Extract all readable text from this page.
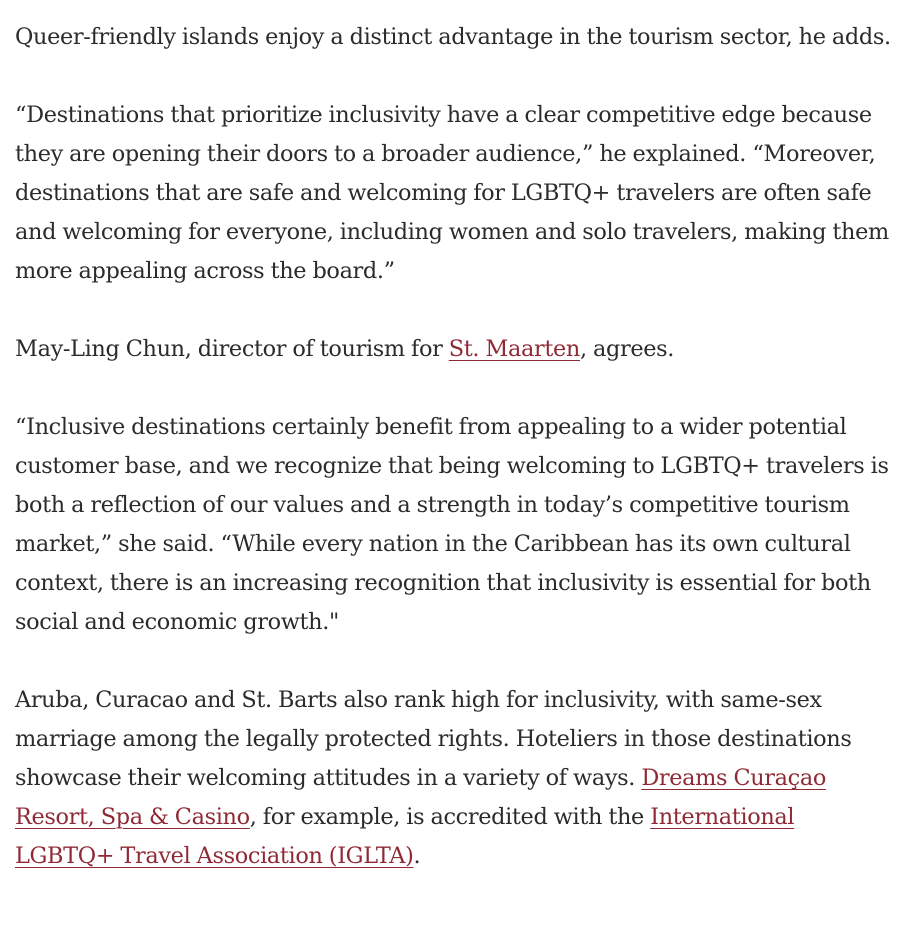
Queer-friendly islands enjoy a distinct advantage in the tourism sector, he adds.

“Destinations that prioritize inclusivity have a clear competitive edge because they are opening their doors to a broader audience,” he explained. “Moreover, destinations that are safe and welcoming for LGBTQ+ travelers are often safe and welcoming for everyone, including women and solo travelers, making them more appealing across the board.”

May-Ling Chun, director of tourism for St. Maarten, agrees.

“Inclusive destinations certainly benefit from appealing to a wider potential customer base, and we recognize that being welcoming to LGBTQ+ travelers is both a reflection of our values and a strength in today’s competitive tourism market,” she said. “While every nation in the Caribbean has its own cultural context, there is an increasing recognition that inclusivity is essential for both social and economic growth."

Aruba, Curacao and St. Barts also rank high for inclusivity, with same-sex marriage among the legally protected rights. Hoteliers in those destinations showcase their welcoming attitudes in a variety of ways. Dreams Curaçao Resort, Spa & Casino, for example, is accredited with the International LGBTQ+ Travel Association (IGLTA).
